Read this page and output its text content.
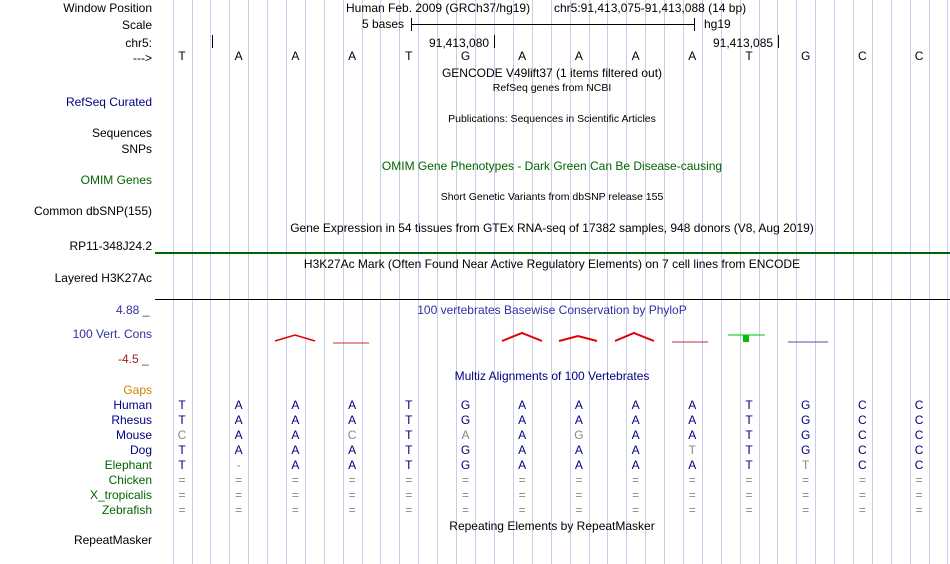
Window Position	Human Feb. 2009 (GRCh37/hg19) chr5:91,413,075-91,413,088 (14 bp)
Scale	5 bases	hg19
chr5:	91,413,080	91,413,085
--->	T	A	A	A	T	G	A	A	A	A	T	G	C	C
GENCODE V49lift37 (1 items filtered out)
RefSeq genes from NCBI
RefSeq Curated
Publications: Sequences in Scientific Articles
Sequences
SNPs
OMIM Gene Phenotypes - Dark Green Can Be Disease-causing
OMIM Genes
Short Genetic Variants from dbSNP release 155
Common dbSNP(155)
Gene Expression in 54 tissues from GTEx RNA-seq of 17382 samples, 948 donors (V8, Aug 2019)
RP11-348J24.2
H3K27Ac Mark (Often Found Near Active Regulatory Elements) on 7 cell lines from ENCODE
Layered H3K27Ac
100 vertebrates Basewise Conservation by PhyloP
4.88 _
100 Vert. Cons
-4.5 _
Multiz Alignments of 100 Vertebrates
Gaps
Human	T	A	A	A	T	G	A	A	A	A	T	G	C	C
Rhesus	T	A	A	A	T	G	A	A	A	A	T	G	C	C
Mouse	C	A	A	C	T	A	A	G	A	A	T	G	C	C
Dog	T	A	A	A	T	G	A	A	A	T	T	G	C	C
Elephant	T	-	A	A	T	G	A	A	A	A	T	T	C	C
Chicken	=	=	=	=	=	=	=	=	=	=	=	=	=	=
X_tropicalis	=	=	=	=	=	=	=	=	=	=	=	=	=	=
Zebrafish	=	=	=	=	=	=	=	=	=	=	=	=	=	=
Repeating Elements by RepeatMasker
RepeatMasker
